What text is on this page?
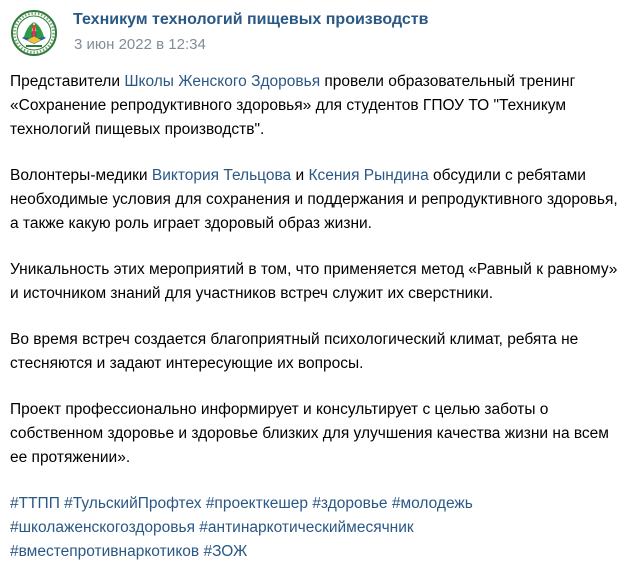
Техникум технологий пищевых производств
3 июн 2022 в 12:34

Представители Школы Женского Здоровья провели образовательный тренинг «Сохранение репродуктивного здоровья» для студентов ГПОУ ТО "Техникум технологий пищевых производств".

Волонтеры-медики Виктория Тельцова и Ксения Рындина обсудили с ребятами необходимые условия для сохранения и поддержания и репродуктивного здоровья, а также какую роль играет здоровый образ жизни.

Уникальность этих мероприятий в том, что применяется метод «Равный к равному» и источником знаний для участников встреч служит их сверстники.

Во время встреч создается благоприятный психологический климат, ребята не стесняются и задают интересующие их вопросы.

Проект профессионально информирует и консультирует с целью заботы о собственном здоровье и здоровье близких для улучшения качества жизни на всем ее протяжении».

#ТТПП #ТульскийПрофтех #проекткешер #здоровье #молодежь
#школаженскогоздоровья #антинаркотическиймесячник
#вместепротивнаркотиков #ЗОЖ
